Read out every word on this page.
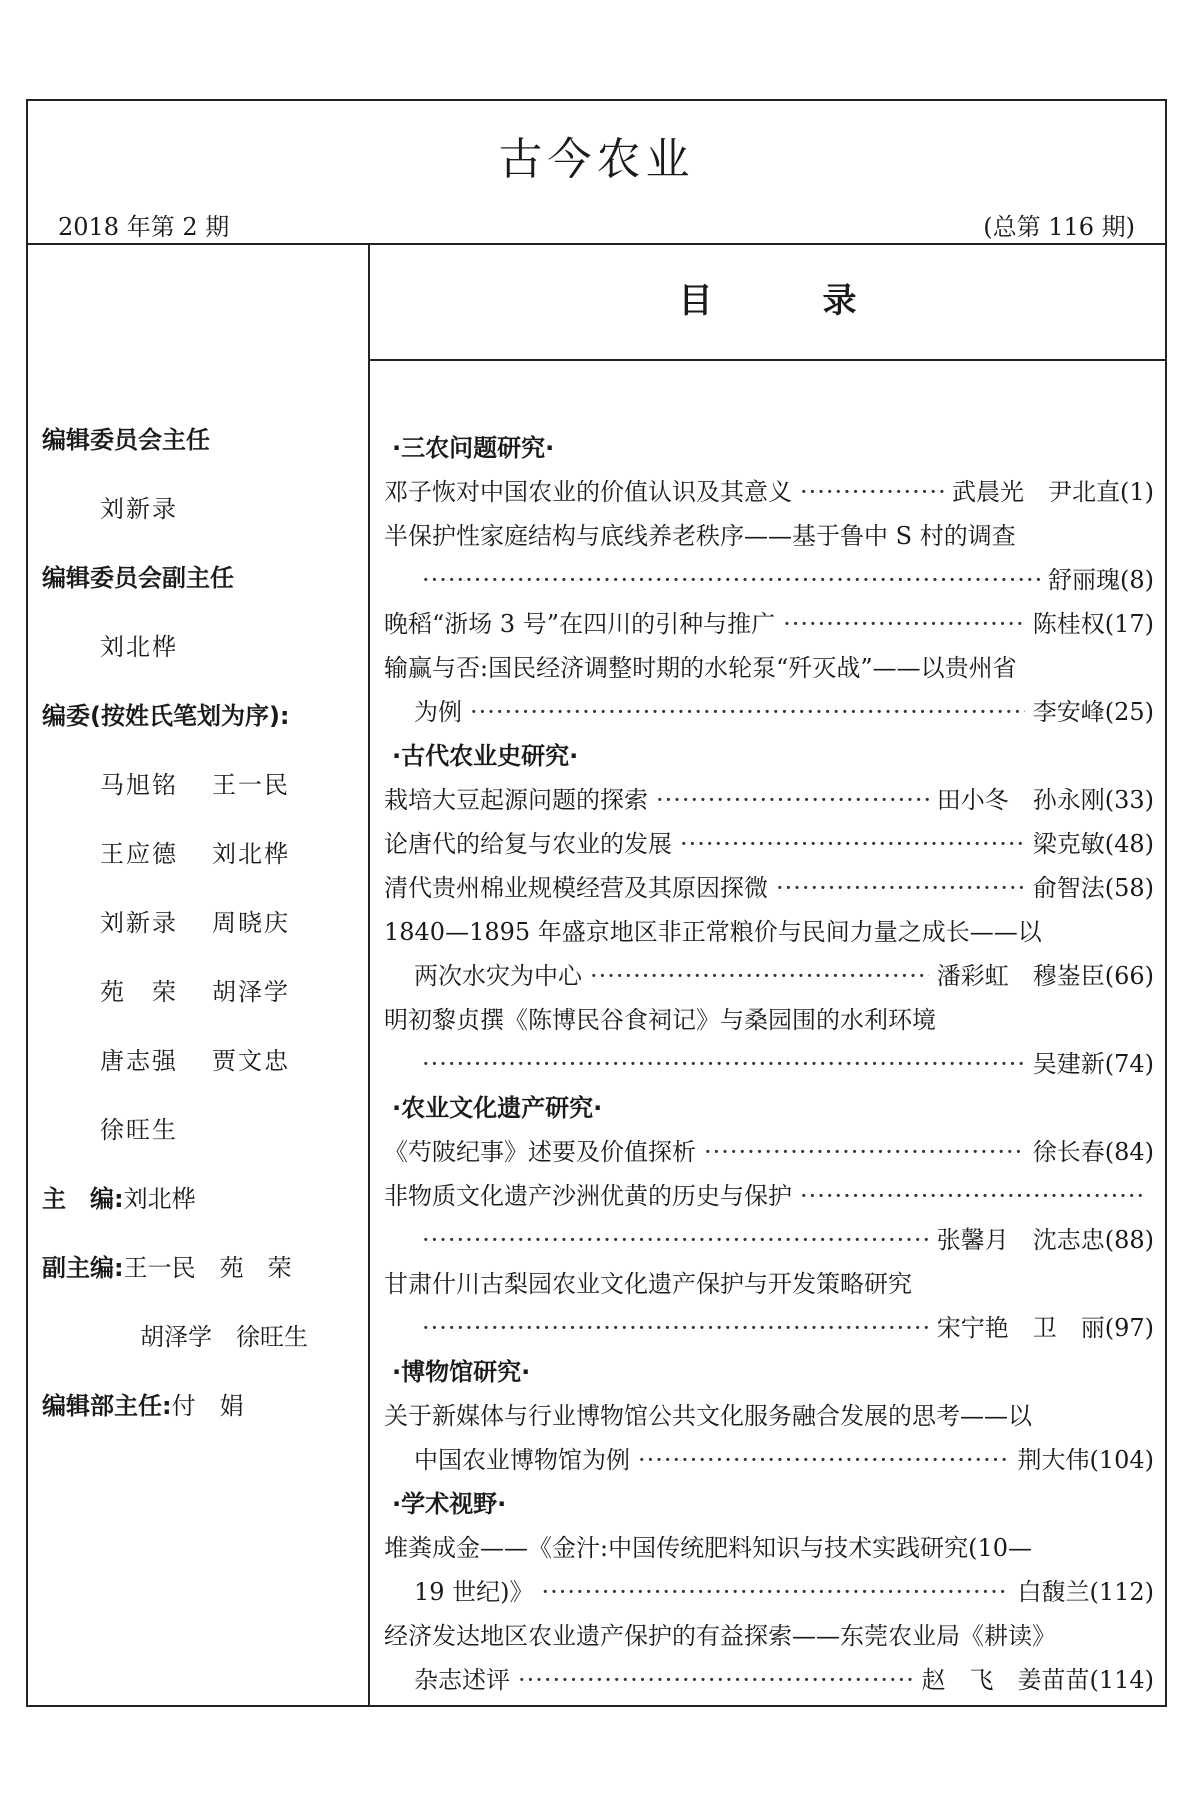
古今农业
2018 年第 2 期	(总第 116 期)
目	录
编辑委员会主任
刘新录
编辑委员会副主任
刘北桦
编委(按姓氏笔划为序):
马旭铭 王一民
王应德 刘北桦
刘新录 周晓庆
苑　荣 胡泽学
唐志强 贾文忠
徐旺生
主　编:刘北桦
副主编:王一民　苑　荣
胡泽学　徐旺生
编辑部主任:付　娟
·三农问题研究·
邓子恢对中国农业的价值认识及其意义 ·····	武晨光　尹北直(1)
半保护性家庭结构与底线养老秩序——基于鲁中 S 村的调查
·····
舒丽瑰(8)
晚稻“浙场 3 号”在四川的引种与推广 ·····	陈桂权(17)
输赢与否:国民经济调整时期的水轮泵“歼灭战”——以贵州省
为例 ·····	李安峰(25)
·古代农业史研究·
栽培大豆起源问题的探索 ·····	田小冬　孙永刚(33)
论唐代的给复与农业的发展 ·····	梁克敏(48)
清代贵州棉业规模经营及其原因探微 ·····	俞智法(58)
1840—1895 年盛京地区非正常粮价与民间力量之成长——以
两次水灾为中心 ·····	潘彩虹　穆崟臣(66)
明初黎贞撰《陈博民谷食祠记》与桑园围的水利环境
·····
吴建新(74)
·农业文化遗产研究·
《芍陂纪事》述要及价值探析 ·····	徐长春(84)
非物质文化遗产沙洲优黄的历史与保护
·····
·····
张馨月　沈志忠(88)
甘肃什川古梨园农业文化遗产保护与开发策略研究
·····
宋宁艳　卫　丽(97)
·博物馆研究·
关于新媒体与行业博物馆公共文化服务融合发展的思考——以
中国农业博物馆为例 ·····	荆大伟(104)
·学术视野·
堆粪成金——《金汁:中国传统肥料知识与技术实践研究(10—
19 世纪)》 ·····	白馥兰(112)
经济发达地区农业遗产保护的有益探索——东莞农业局《耕读》
杂志述评 ·····	赵　飞　姜苗苗(114)
